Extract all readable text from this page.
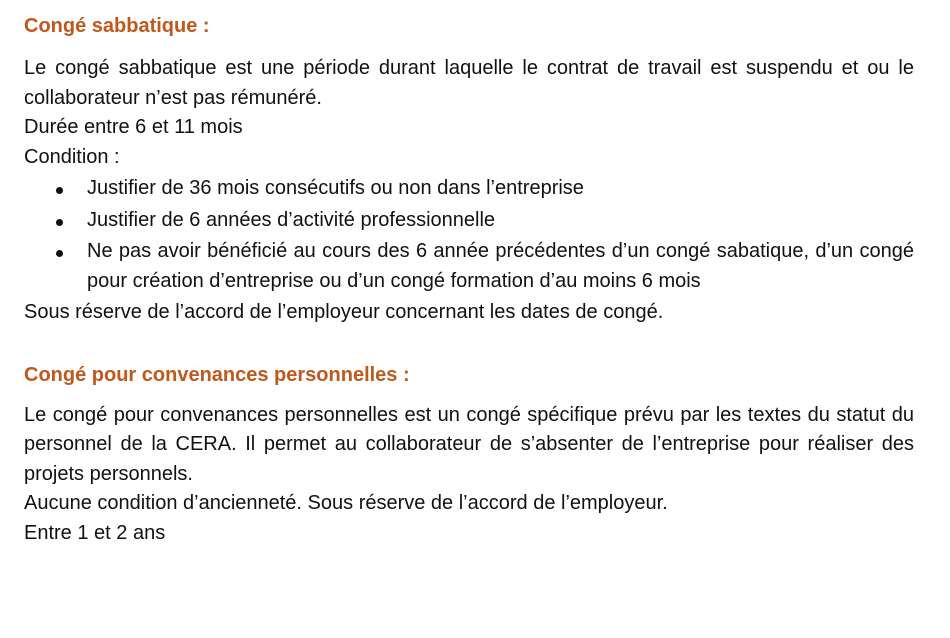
Congé sabbatique :

Le congé sabbatique est une période durant laquelle le contrat de travail est suspendu et ou le collaborateur n’est pas rémunéré.

Durée entre 6 et 11 mois

Condition :

Justifier de 36 mois consécutifs ou non dans l’entreprise
Justifier de 6 années d’activité professionnelle
Ne pas avoir bénéficié au cours des 6 année précédentes d’un congé sabatique, d’un congé pour création d’entreprise ou d’un congé formation d’au moins 6 mois

Sous réserve de l’accord de l’employeur concernant les dates de congé.

Congé pour convenances personnelles :

Le congé pour convenances personnelles est un congé spécifique prévu par les textes du statut du personnel de la CERA. Il permet au collaborateur de s’absenter de l’entreprise pour réaliser des projets personnels.

Aucune condition d’ancienneté. Sous réserve de l’accord de l’employeur.

Entre 1 et 2 ans
